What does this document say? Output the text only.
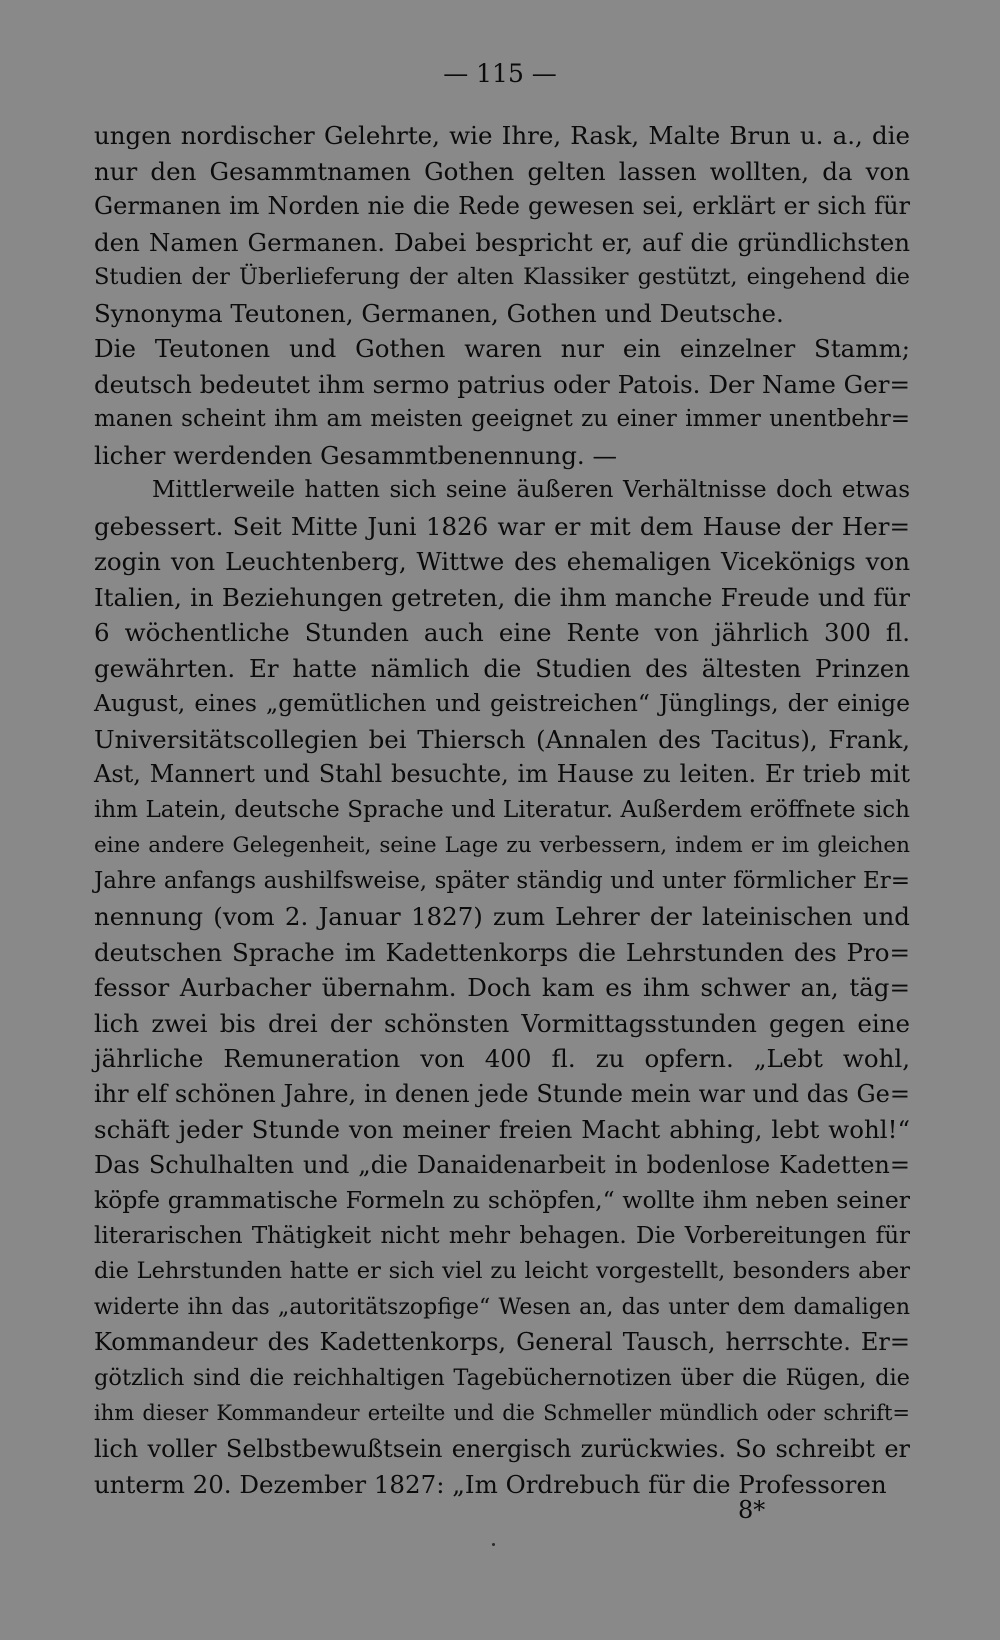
— 115 —
ungen nordischer Gelehrte, wie Ihre, Rask, Malte Brun u. a., die
nur den Gesammtnamen Gothen gelten lassen wollten, da von
Germanen im Norden nie die Rede gewesen sei, erklärt er sich für
den Namen Germanen. Dabei bespricht er, auf die gründlichsten
Studien der Überlieferung der alten Klassiker gestützt, eingehend die
Synonyma Teutonen, Germanen, Gothen und Deutsche.
Die Teutonen und Gothen waren nur ein einzelner Stamm;
deutsch bedeutet ihm sermo patrius oder Patois. Der Name Ger=
manen scheint ihm am meisten geeignet zu einer immer unentbehr=
licher werdenden Gesammtbenennung. —
Mittlerweile hatten sich seine äußeren Verhältnisse doch etwas
gebessert. Seit Mitte Juni 1826 war er mit dem Hause der Her=
zogin von Leuchtenberg, Wittwe des ehemaligen Vicekönigs von
Italien, in Beziehungen getreten, die ihm manche Freude und für
6 wöchentliche Stunden auch eine Rente von jährlich 300 fl.
gewährten. Er hatte nämlich die Studien des ältesten Prinzen
August, eines „gemütlichen und geistreichen“ Jünglings, der einige
Universitätscollegien bei Thiersch (Annalen des Tacitus), Frank,
Ast, Mannert und Stahl besuchte, im Hause zu leiten. Er trieb mit
ihm Latein, deutsche Sprache und Literatur. Außerdem eröffnete sich
eine andere Gelegenheit, seine Lage zu verbessern, indem er im gleichen
Jahre anfangs aushilfsweise, später ständig und unter förmlicher Er=
nennung (vom 2. Januar 1827) zum Lehrer der lateinischen und
deutschen Sprache im Kadettenkorps die Lehrstunden des Pro=
fessor Aurbacher übernahm. Doch kam es ihm schwer an, täg=
lich zwei bis drei der schönsten Vormittagsstunden gegen eine
jährliche Remuneration von 400 fl. zu opfern. „Lebt wohl,
ihr elf schönen Jahre, in denen jede Stunde mein war und das Ge=
schäft jeder Stunde von meiner freien Macht abhing, lebt wohl!“
Das Schulhalten und „die Danaidenarbeit in bodenlose Kadetten=
köpfe grammatische Formeln zu schöpfen,“ wollte ihm neben seiner
literarischen Thätigkeit nicht mehr behagen. Die Vorbereitungen für
die Lehrstunden hatte er sich viel zu leicht vorgestellt, besonders aber
widerte ihn das „autoritätszopfige“ Wesen an, das unter dem damaligen
Kommandeur des Kadettenkorps, General Tausch, herrschte. Er=
götzlich sind die reichhaltigen Tagebüchernotizen über die Rügen, die
ihm dieser Kommandeur erteilte und die Schmeller mündlich oder schrift=
lich voller Selbstbewußtsein energisch zurückwies. So schreibt er
unterm 20. Dezember 1827: „Im Ordrebuch für die Professoren
8*
